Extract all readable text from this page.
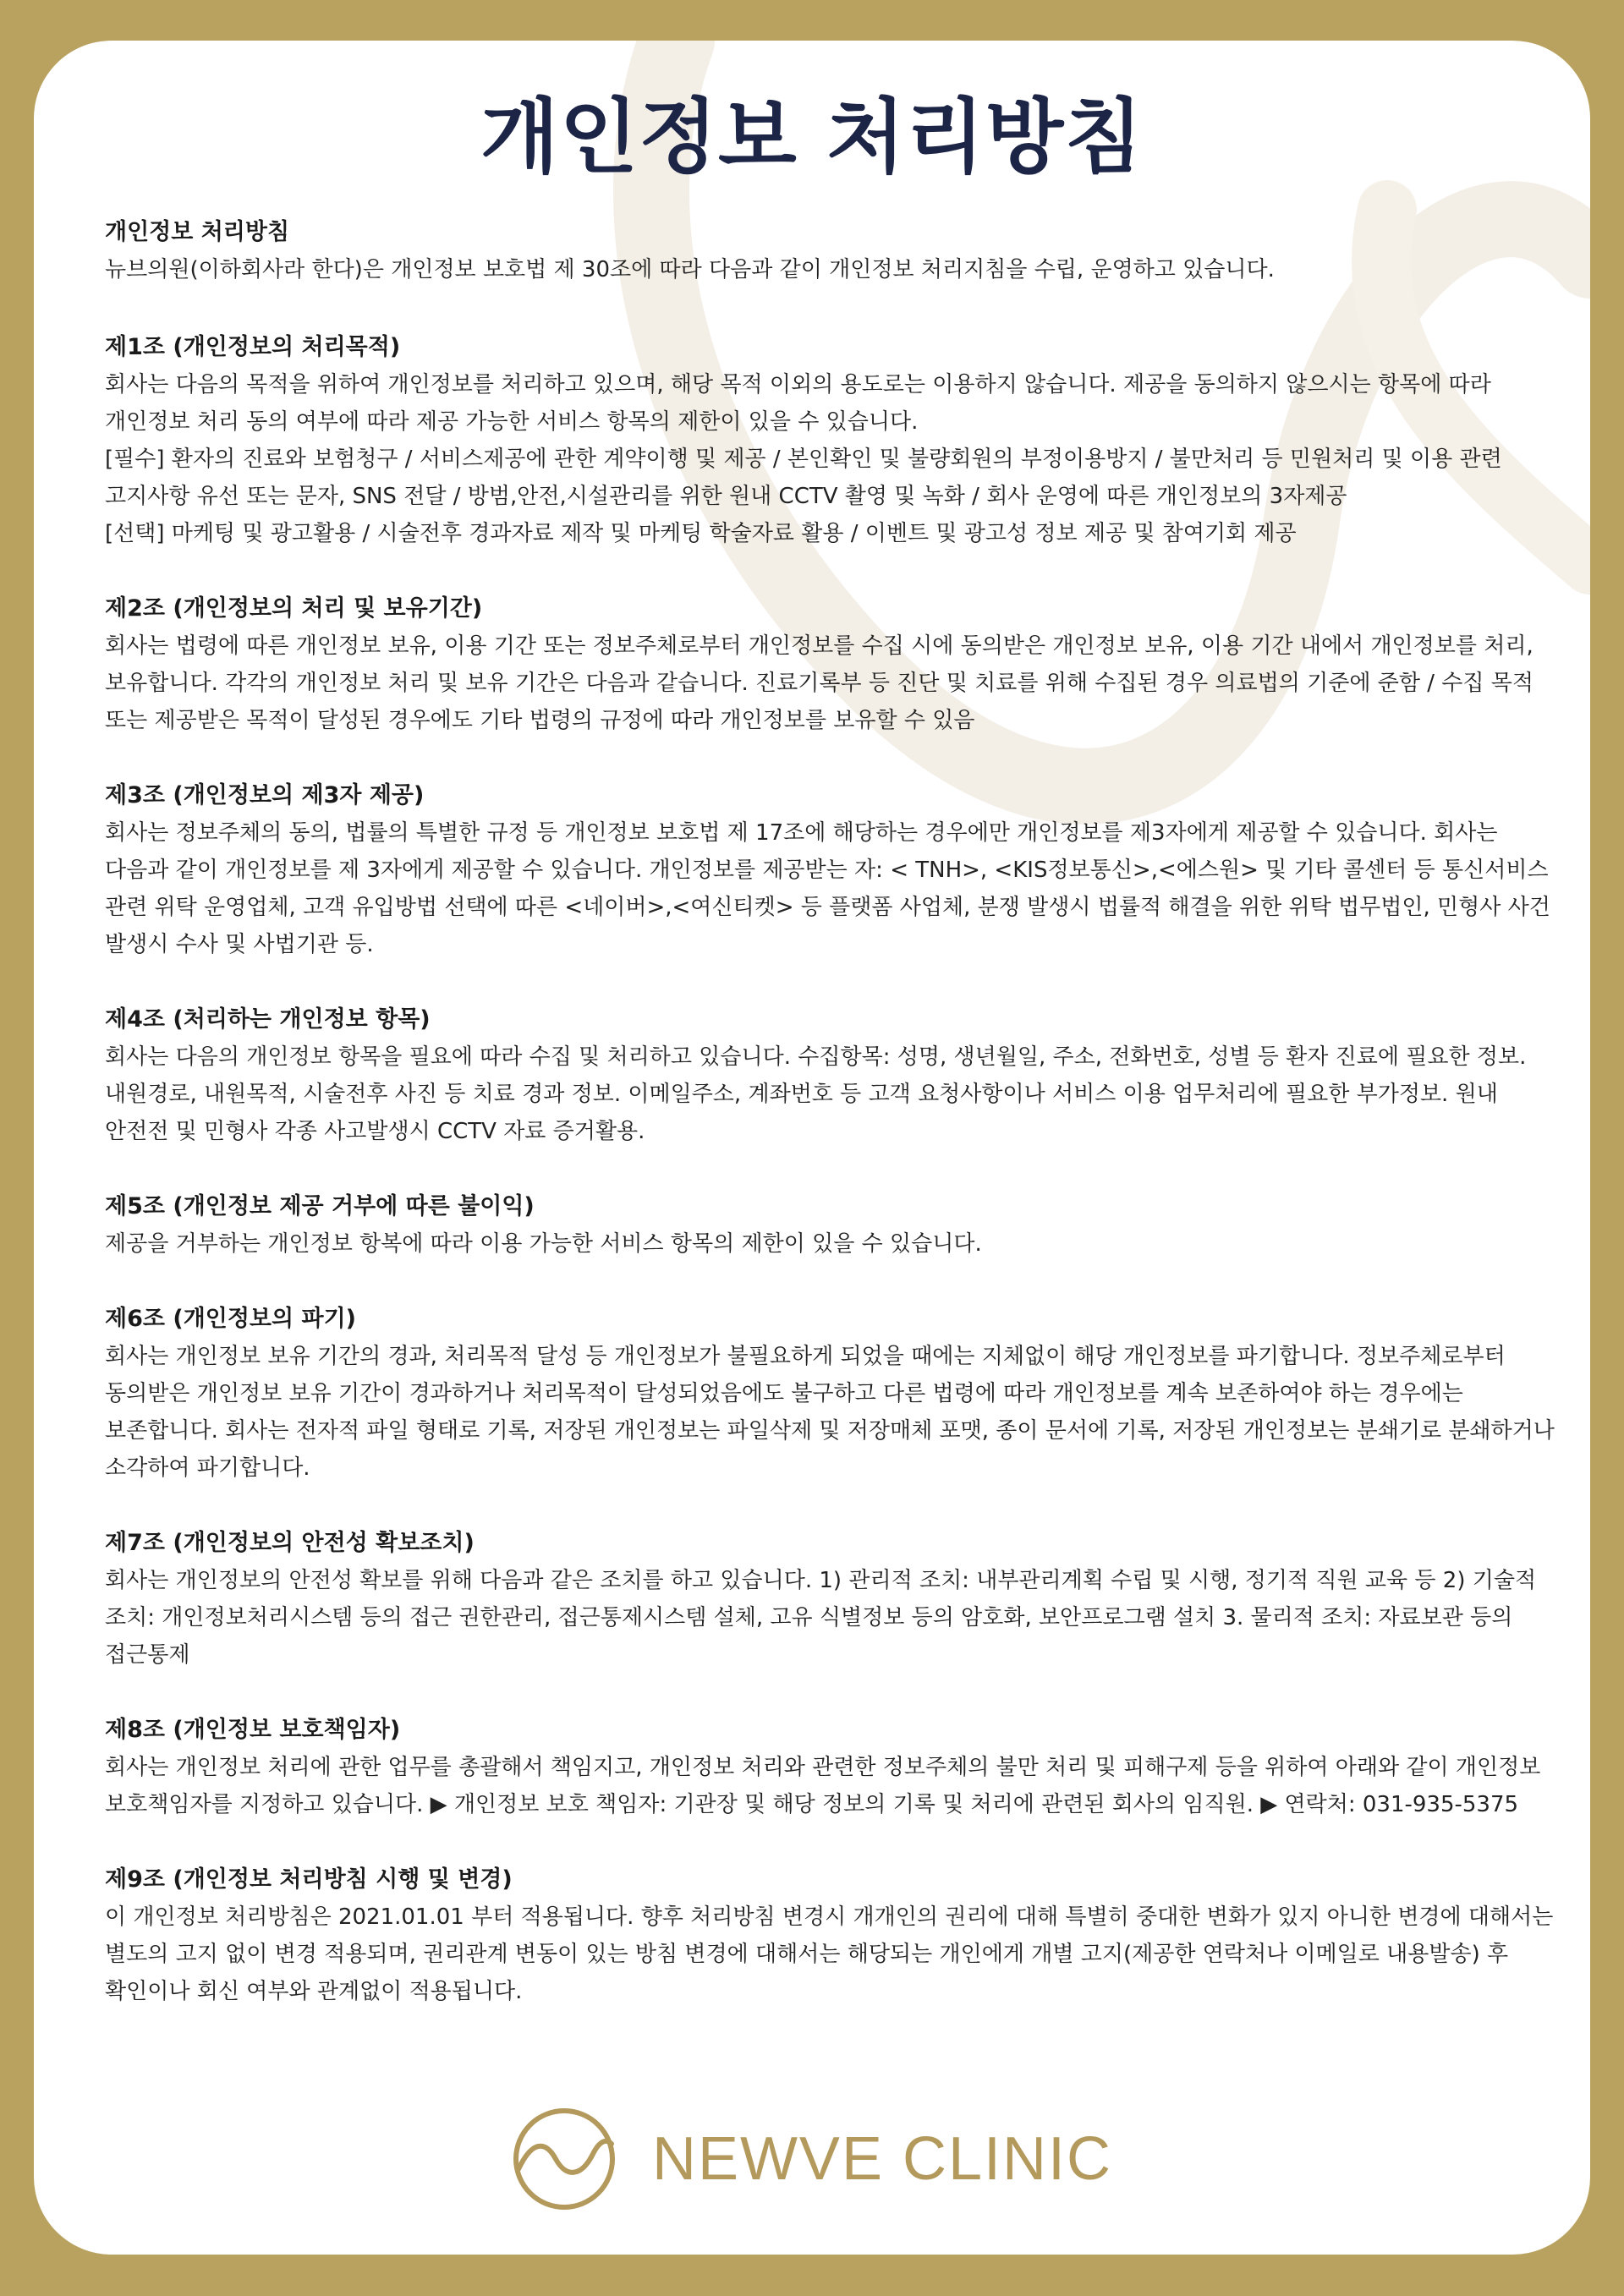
개인정보 처리방침

개인정보 처리방침

뉴브의원(이하회사라 한다)은 개인정보 보호법 제 30조에 따라 다음과 같이 개인정보 처리지침을 수립, 운영하고 있습니다.

제1조 (개인정보의 처리목적)

회사는 다음의 목적을 위하여 개인정보를 처리하고 있으며, 해당 목적 이외의 용도로는 이용하지 않습니다. 제공을 동의하지 않으시는 항목에 따라 개인정보 처리 동의 여부에 따라 제공 가능한 서비스 항목의 제한이 있을 수 있습니다.
[필수] 환자의 진료와 보험청구 / 서비스제공에 관한 계약이행 및 제공 / 본인확인 및 불량회원의 부정이용방지 / 불만처리 등 민원처리 및 이용 관련 고지사항 유선 또는 문자, SNS 전달 / 방범,안전,시설관리를 위한 원내 CCTV 촬영 및 녹화 / 회사 운영에 따른 개인정보의 3자제공
[선택] 마케팅 및 광고활용 / 시술전후 경과자료 제작 및 마케팅 학술자료 활용 / 이벤트 및 광고성 정보 제공 및 참여기회 제공

제2조 (개인정보의 처리 및 보유기간)

회사는 법령에 따른 개인정보 보유, 이용 기간 또는 정보주체로부터 개인정보를 수집 시에 동의받은 개인정보 보유, 이용 기간 내에서 개인정보를 처리, 보유합니다. 각각의 개인정보 처리 및 보유 기간은 다음과 같습니다. 진료기록부 등 진단 및 치료를 위해 수집된 경우 의료법의 기준에 준함 / 수집 목적 또는 제공받은 목적이 달성된 경우에도 기타 법령의 규정에 따라 개인정보를 보유할 수 있음

제3조 (개인정보의 제3자 제공)

회사는 정보주체의 동의, 법률의 특별한 규정 등 개인정보 보호법 제 17조에 해당하는 경우에만 개인정보를 제3자에게 제공할 수 있습니다. 회사는 다음과 같이 개인정보를 제 3자에게 제공할 수 있습니다. 개인정보를 제공받는 자: < TNH>, <KIS정보통신>,<에스원> 및 기타 콜센터 등 통신서비스 관련 위탁 운영업체, 고객 유입방법 선택에 따른 <네이버>,<여신티켓> 등 플랫폼 사업체, 분쟁 발생시 법률적 해결을 위한 위탁 법무법인, 민형사 사건 발생시 수사 및 사법기관 등.

제4조 (처리하는 개인정보 항목)

회사는 다음의 개인정보 항목을 필요에 따라 수집 및 처리하고 있습니다. 수집항목: 성명, 생년월일, 주소, 전화번호, 성별 등 환자 진료에 필요한 정보.내원경로, 내원목적, 시술전후 사진 등 치료 경과 정보. 이메일주소, 계좌번호 등 고객 요청사항이나 서비스 이용 업무처리에 필요한 부가정보. 원내 안전전 및 민형사 각종 사고발생시 CCTV 자료 증거활용.

제5조 (개인정보 제공 거부에 따른 불이익)

제공을 거부하는 개인정보 항복에 따라 이용 가능한 서비스 항목의 제한이 있을 수 있습니다.

제6조 (개인정보의 파기)

회사는 개인정보 보유 기간의 경과, 처리목적 달성 등 개인정보가 불필요하게 되었을 때에는 지체없이 해당 개인정보를 파기합니다. 정보주체로부터 동의받은 개인정보 보유 기간이 경과하거나 처리목적이 달성되었음에도 불구하고 다른 법령에 따라 개인정보를 계속 보존하여야 하는 경우에는 보존합니다. 회사는 전자적 파일 형태로 기록, 저장된 개인정보는 파일삭제 및 저장매체 포맷, 종이 문서에 기록, 저장된 개인정보는 분쇄기로 분쇄하거나 소각하여 파기합니다.

제7조 (개인정보의 안전성 확보조치)

회사는 개인정보의 안전성 확보를 위해 다음과 같은 조치를 하고 있습니다. 1) 관리적 조치: 내부관리계획 수립 및 시행, 정기적 직원 교육 등 2) 기술적 조치: 개인정보처리시스템 등의 접근 권한관리, 접근통제시스템 설체, 고유 식별정보 등의 암호화, 보안프로그램 설치 3. 물리적 조치: 자료보관 등의 접근통제

제8조 (개인정보 보호책임자)

회사는 개인정보 처리에 관한 업무를 총괄해서 책임지고, 개인정보 처리와 관련한 정보주체의 불만 처리 및 피해구제 등을 위하여 아래와 같이 개인정보 보호책임자를 지정하고 있습니다. ▶ 개인정보 보호 책임자: 기관장 및 해당 정보의 기록 및 처리에 관련된 회사의 임직원. ▶ 연락처: 031-935-5375

제9조 (개인정보 처리방침 시행 및 변경)

이 개인정보 처리방침은 2021.01.01 부터 적용됩니다. 향후 처리방침 변경시 개개인의 권리에 대해 특별히 중대한 변화가 있지 아니한 변경에 대해서는 별도의 고지 없이 변경 적용되며, 권리관계 변동이 있는 방침 변경에 대해서는 해당되는 개인에게 개별 고지(제공한 연락처나 이메일로 내용발송) 후 확인이나 회신 여부와 관계없이 적용됩니다.

NEWVE CLINIC
